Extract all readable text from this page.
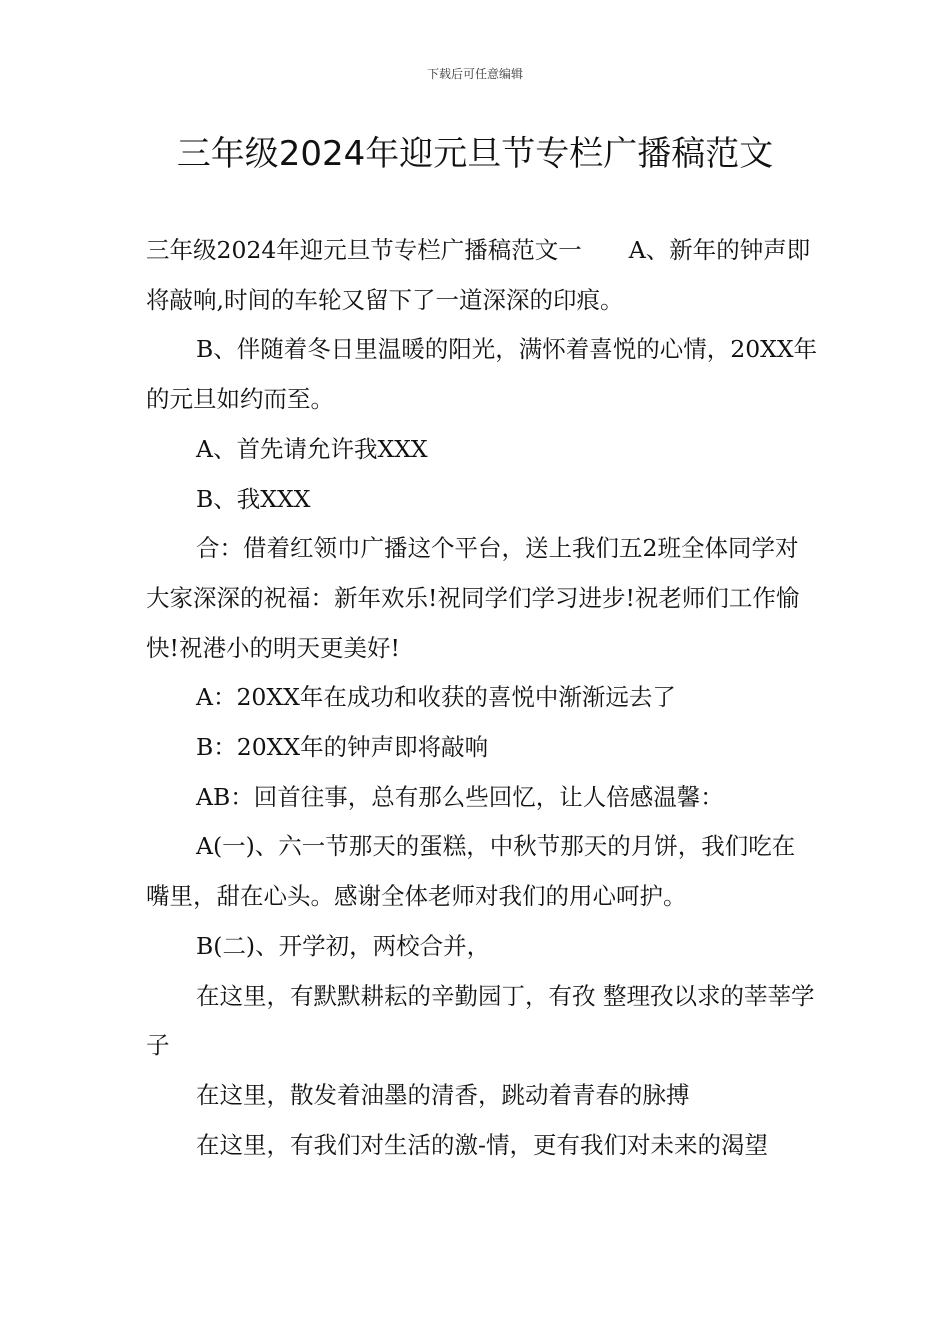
下载后可任意编辑
三年级2024年迎元旦节专栏广播稿范文

三年级2024年迎元旦节专栏广播稿范文一　　A、新年的钟声即将敲响,时间的车轮又留下了一道深深的印痕。

B、伴随着冬日里温暖的阳光，满怀着喜悦的心情，20XX年的元旦如约而至。

A、首先请允许我XXX

B、我XXX

合：借着红领巾广播这个平台，送上我们五2班全体同学对大家深深的祝福：新年欢乐!祝同学们学习进步!祝老师们工作愉快!祝港小的明天更美好!

A：20XX年在成功和收获的喜悦中渐渐远去了

B：20XX年的钟声即将敲响

AB：回首往事，总有那么些回忆，让人倍感温馨：

A(一)、六一节那天的蛋糕，中秋节那天的月饼，我们吃在嘴里，甜在心头。感谢全体老师对我们的用心呵护。

B(二)、开学初，两校合并，

在这里，有默默耕耘的辛勤园丁，有孜 整理孜以求的莘莘学子

在这里，散发着油墨的清香，跳动着青春的脉搏

在这里，有我们对生活的激-情，更有我们对未来的渴望
